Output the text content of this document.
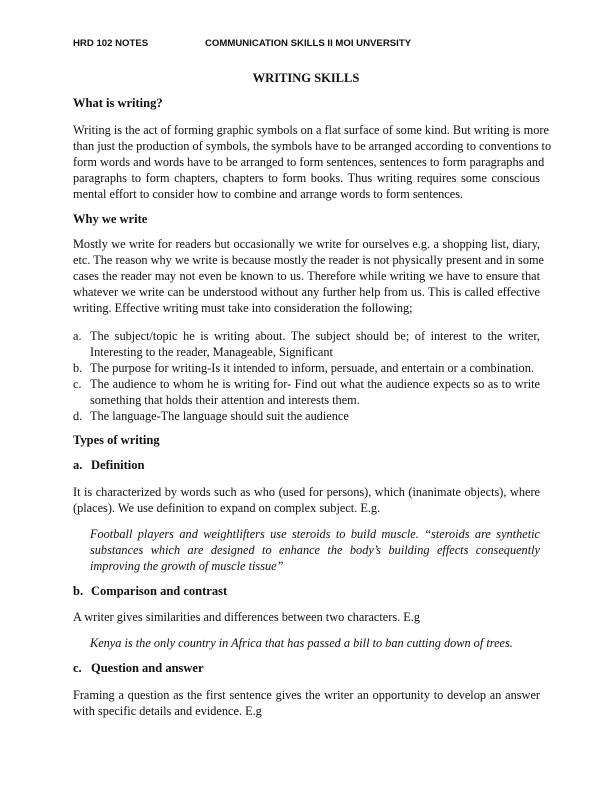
HRD 102 NOTES	COMMUNICATION SKILLS II MOI UNVERSITY
WRITING SKILLS
What is writing?
Writing is the act of forming graphic symbols on a flat surface of some kind. But writing is more
than just the production of symbols, the symbols have to be arranged according to conventions to
form words and words have to be arranged to form sentences, sentences to form paragraphs and
paragraphs to form chapters, chapters to form books. Thus writing requires some conscious
mental effort to consider how to combine and arrange words to form sentences.
Why we write
Mostly we write for readers but occasionally we write for ourselves e.g. a shopping list, diary,
etc. The reason why we write is because mostly the reader is not physically present and in some
cases the reader may not even be known to us. Therefore while writing we have to ensure that
whatever we write can be understood without any further help from us. This is called effective
writing. Effective writing must take into consideration the following;
a. The subject/topic he is writing about. The subject should be; of interest to the writer,
Interesting to the reader, Manageable, Significant
b. The purpose for writing-Is it intended to inform, persuade, and entertain or a combination.
c. The audience to whom he is writing for- Find out what the audience expects so as to write
something that holds their attention and interests them.
d. The language-The language should suit the audience
Types of writing
a. Definition
It is characterized by words such as who (used for persons), which (inanimate objects), where
(places). We use definition to expand on complex subject. E.g.
Football players and weightlifters use steroids to build muscle. “steroids are synthetic
substances which are designed to enhance the body’s building effects consequently
improving the growth of muscle tissue”
b. Comparison and contrast
A writer gives similarities and differences between two characters. E.g
Kenya is the only country in Africa that has passed a bill to ban cutting down of trees.
c. Question and answer
Framing a question as the first sentence gives the writer an opportunity to develop an answer
with specific details and evidence. E.g
